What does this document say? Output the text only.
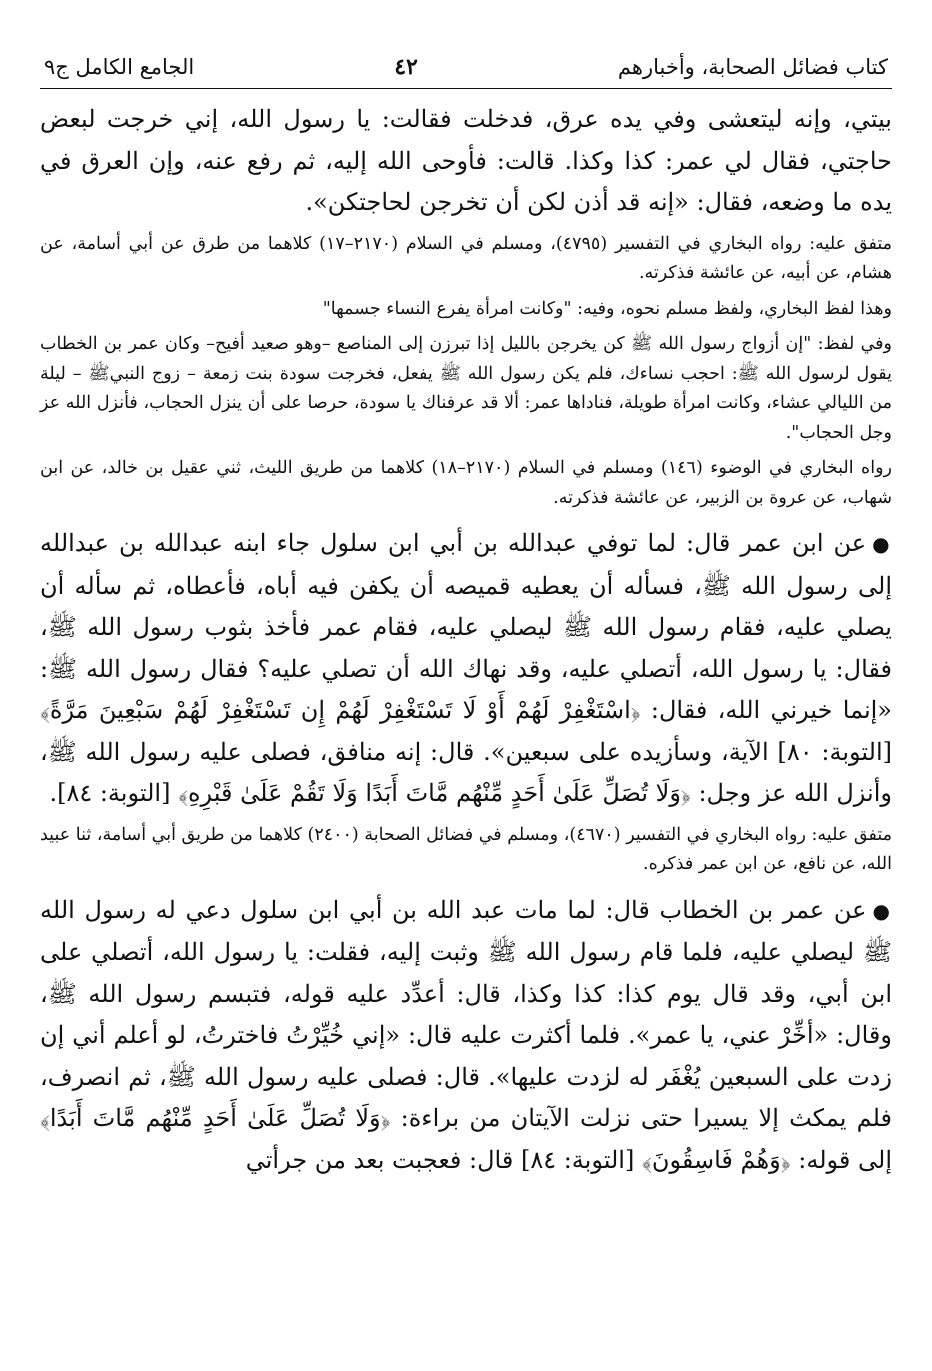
كتاب فضائل الصحابة، وأخبارهم
٤٢
الجامع الكامل ج٩

بيتي، وإنه ليتعشى وفي يده عرق، فدخلت فقالت: يا رسول الله، إني خرجت لبعض حاجتي، فقال لي عمر: كذا وكذا. قالت: فأوحى الله إليه، ثم رفع عنه، وإن العرق في يده ما وضعه، فقال: «إنه قد أذن لكن أن تخرجن لحاجتكن».

متفق عليه: رواه البخاري في التفسير (٤٧٩٥)، ومسلم في السلام (٢١٧٠–١٧) كلاهما من طرق عن أبي أسامة، عن هشام، عن أبيه، عن عائشة فذكرته.

وهذا لفظ البخاري، ولفظ مسلم نحوه، وفيه: "وكانت امرأة يفرع النساء جسمها"

وفي لفظ: "إن أزواج رسول الله ﷺ كن يخرجن بالليل إذا تبرزن إلى المناصع –وهو صعيد أفيح– وكان عمر بن الخطاب يقول لرسول الله ﷺ: احجب نساءك، فلم يكن رسول الله ﷺ يفعل، فخرجت سودة بنت زمعة – زوج النبيﷺ – ليلة من الليالي عشاء، وكانت امرأة طويلة، فناداها عمر: ألا قد عرفناك يا سودة، حرصا على أن ينزل الحجاب، فأنزل الله عز وجل الحجاب".

رواه البخاري في الوضوء (١٤٦) ومسلم في السلام (٢١٧٠–١٨) كلاهما من طريق الليث، ثني عقيل بن خالد، عن ابن شهاب، عن عروة بن الزبير، عن عائشة فذكرته.

●عن ابن عمر قال: لما توفي عبدالله بن أبي ابن سلول جاء ابنه عبدالله بن عبدالله إلى رسول الله ﷺ، فسأله أن يعطيه قميصه أن يكفن فيه أباه، فأعطاه، ثم سأله أن يصلي عليه، فقام رسول الله ﷺ ليصلي عليه، فقام عمر فأخذ بثوب رسول الله ﷺ، فقال: يا رسول الله، أتصلي عليه، وقد نهاك الله أن تصلي عليه؟ فقال رسول الله ﷺ: «إنما خيرني الله، فقال: ﴿اسْتَغْفِرْ لَهُمْ أَوْ لَا تَسْتَغْفِرْ لَهُمْ إِن تَسْتَغْفِرْ لَهُمْ سَبْعِينَ مَرَّةً﴾ [التوبة: ٨٠] الآية، وسأزيده على سبعين». قال: إنه منافق، فصلى عليه رسول الله ﷺ، وأنزل الله عز وجل: ﴿وَلَا تُصَلِّ عَلَىٰ أَحَدٍ مِّنْهُم مَّاتَ أَبَدًا وَلَا تَقُمْ عَلَىٰ قَبْرِهِ﴾ [التوبة: ٨٤].

متفق عليه: رواه البخاري في التفسير (٤٦٧٠)، ومسلم في فضائل الصحابة (٢٤٠٠) كلاهما من طريق أبي أسامة، ثنا عبيد الله، عن نافع، عن ابن عمر فذكره.

●عن عمر بن الخطاب قال: لما مات عبد الله بن أبي ابن سلول دعي له رسول الله ﷺ ليصلي عليه، فلما قام رسول الله ﷺ وثبت إليه، فقلت: يا رسول الله، أتصلي على ابن أبي، وقد قال يوم كذا: كذا وكذا، قال: أعدِّد عليه قوله، فتبسم رسول الله ﷺ، وقال: «أخِّرْ عني، يا عمر». فلما أكثرت عليه قال: «إني خُيِّرْتُ فاخترتُ، لو أعلم أني إن زدت على السبعين يُغْفَر له لزدت عليها». قال: فصلى عليه رسول الله ﷺ، ثم انصرف، فلم يمكث إلا يسيرا حتى نزلت الآيتان من براءة: ﴿وَلَا تُصَلِّ عَلَىٰ أَحَدٍ مِّنْهُم مَّاتَ أَبَدًا﴾ إلى قوله: ﴿وَهُمْ فَاسِقُونَ﴾ [التوبة: ٨٤] قال: فعجبت بعد من جرأتي
